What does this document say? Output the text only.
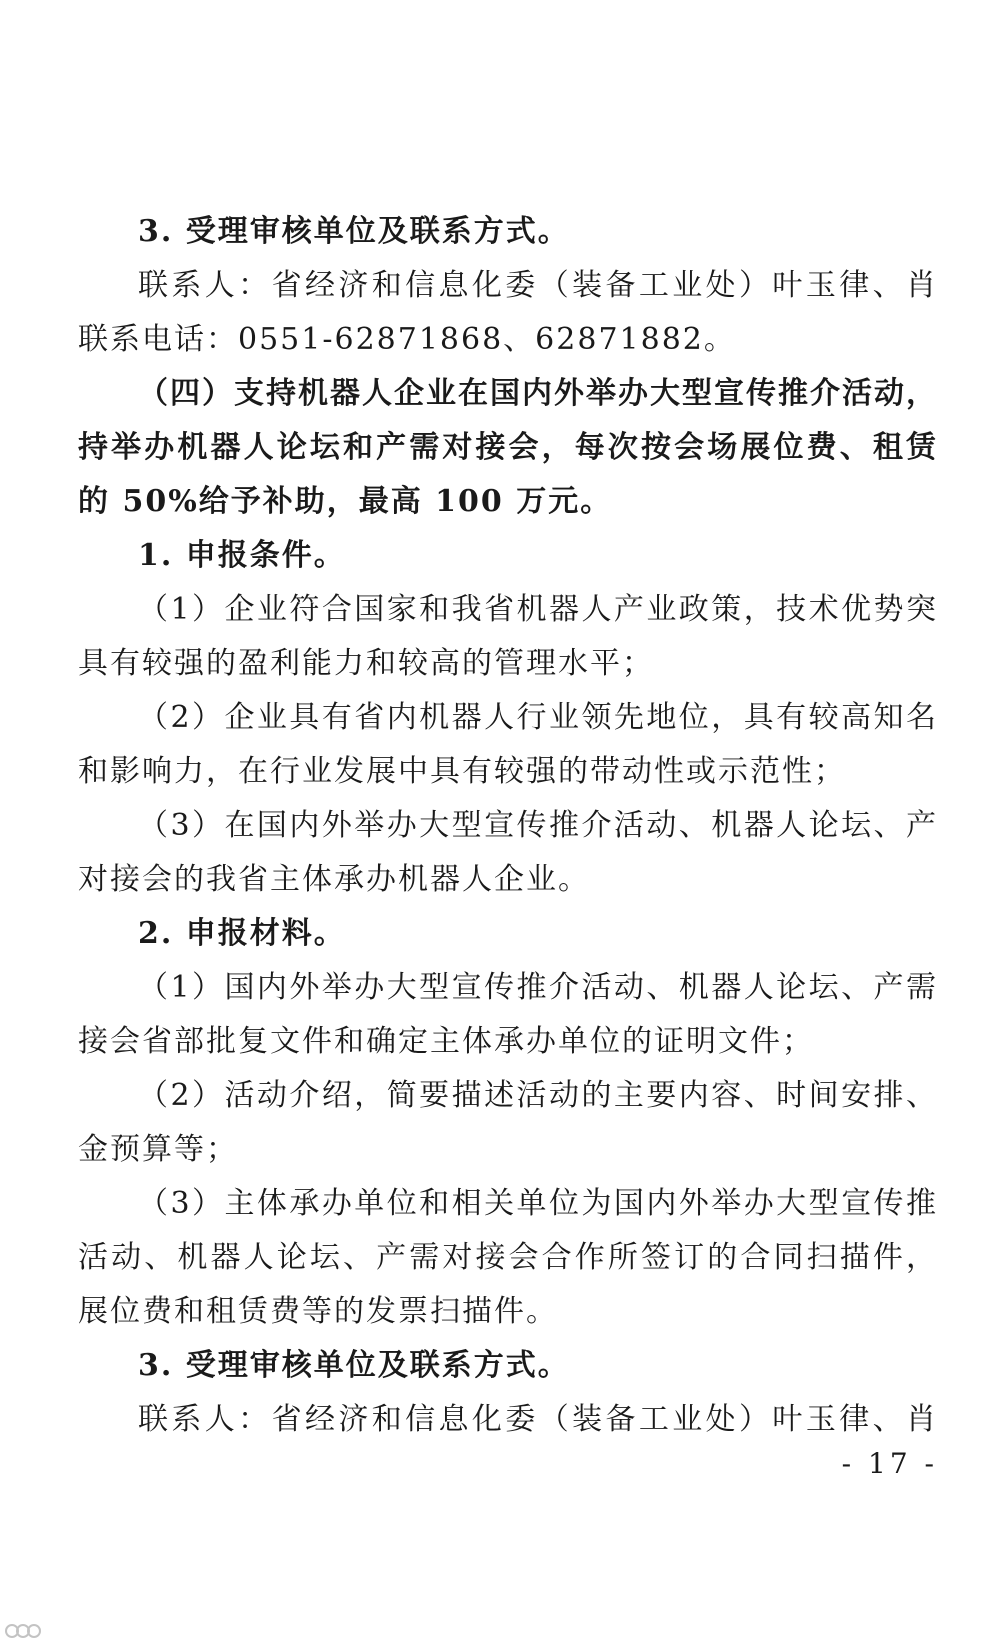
3. 受理审核单位及联系方式。
联系人：省经济和信息化委（装备工业处）叶玉律、肖
联系电话：0551-62871868、62871882。
（四）支持机器人企业在国内外举办大型宣传推介活动，
持举办机器人论坛和产需对接会，每次按会场展位费、租赁
的 50%给予补助，最高 100 万元。
1. 申报条件。
（1）企业符合国家和我省机器人产业政策，技术优势突
具有较强的盈利能力和较高的管理水平；
（2）企业具有省内机器人行业领先地位，具有较高知名
和影响力，在行业发展中具有较强的带动性或示范性；
（3）在国内外举办大型宣传推介活动、机器人论坛、产
对接会的我省主体承办机器人企业。
2. 申报材料。
（1）国内外举办大型宣传推介活动、机器人论坛、产需
接会省部批复文件和确定主体承办单位的证明文件；
（2）活动介绍，简要描述活动的主要内容、时间安排、
金预算等；
（3）主体承办单位和相关单位为国内外举办大型宣传推
活动、机器人论坛、产需对接会合作所签订的合同扫描件，
展位费和租赁费等的发票扫描件。
3. 受理审核单位及联系方式。
联系人：省经济和信息化委（装备工业处）叶玉律、肖
- 17 -
